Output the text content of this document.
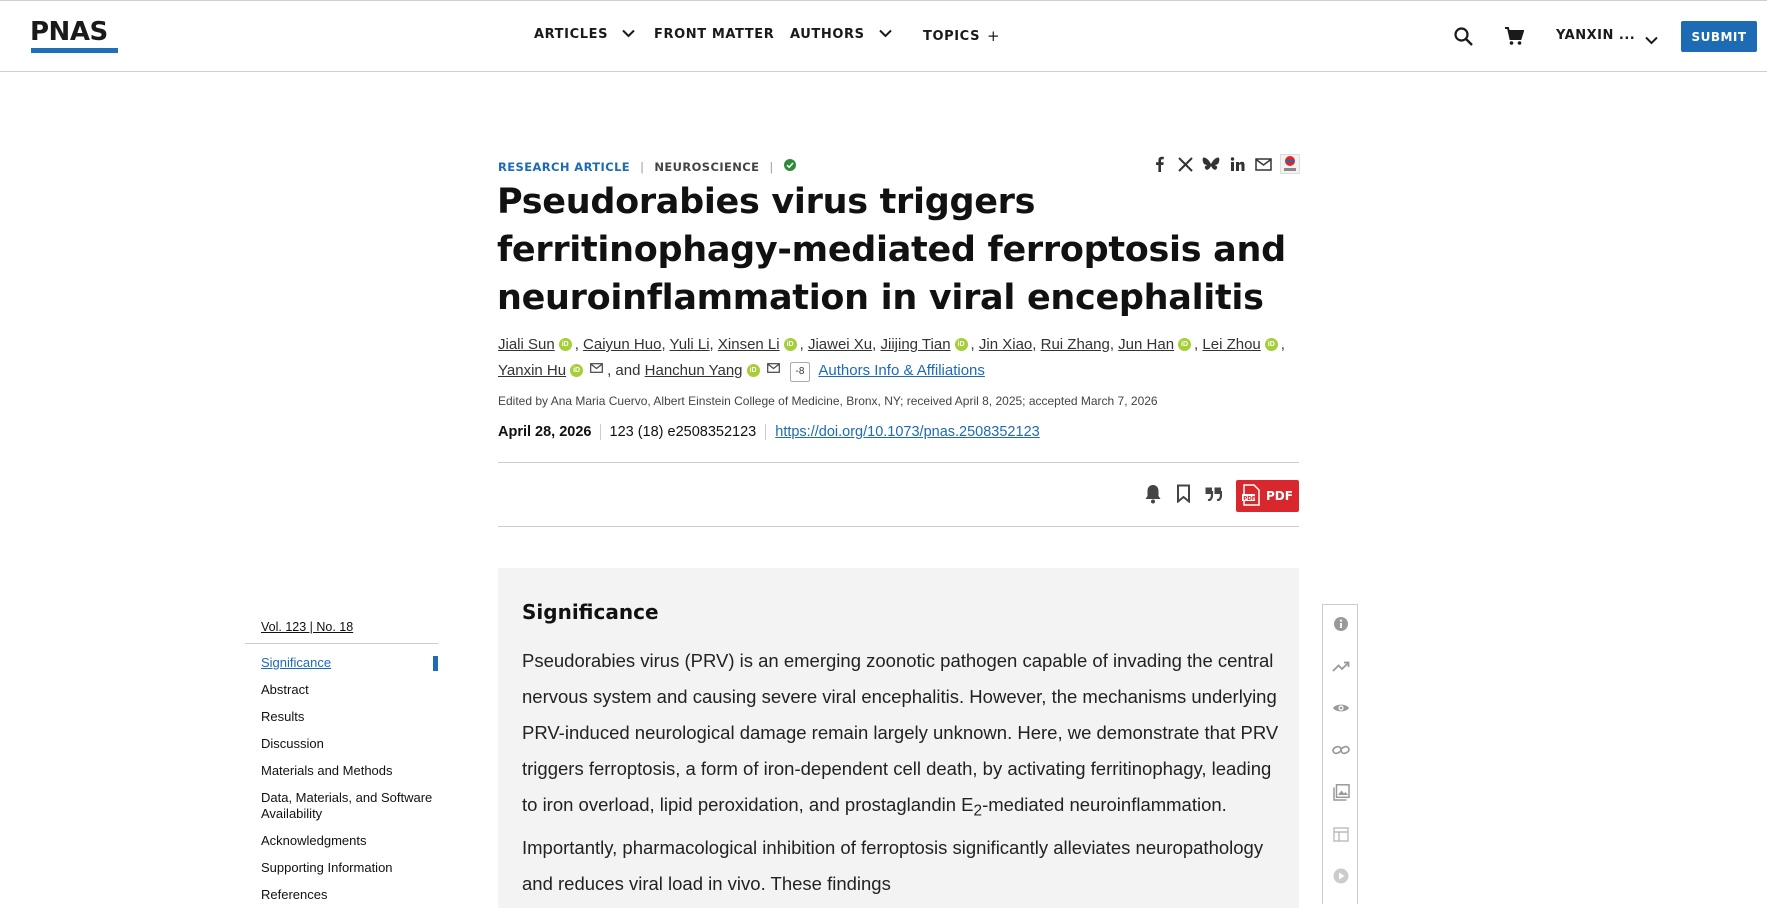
PNAS	ARTICLES	FRONT MATTER AUTHORS	TOPICS +	YANXIN ...	SUBMIT
RESEARCH ARTICLE | NEUROSCIENCE |
Pseudorabies virus triggers ferritinophagy-mediated ferroptosis and neuroinflammation in viral encephalitis
Jiali Sun iD , Caiyun Huo, Yuli Li, Xinsen Li iD , Jiawei Xu, Jiijing Tian iD , Jin Xiao, Rui Zhang, Jun Han iD , Lei Zhou iD , Yanxin Hu iD , and Hanchun Yang iD	-8 Authors Info & Affiliations
Edited by Ana Maria Cuervo, Albert Einstein College of Medicine, Bronx, NY; received April 8, 2025; accepted March 7, 2026
April 28, 2026	123 (18) e2508352123	https://doi.org/10.1073/pnas.2508352123
PDF PDF
Vol. 123 | No. 18
Significance
Abstract
Results
Discussion
Materials and Methods
Data, Materials, and Software Availability
Acknowledgments
Supporting Information
References
Significance

Pseudorabies virus (PRV) is an emerging zoonotic pathogen capable of invading the central nervous system and causing severe viral encephalitis. However, the mechanisms underlying PRV-induced neurological damage remain largely unknown. Here, we demonstrate that PRV triggers ferroptosis, a form of iron-dependent cell death, by activating ferritinophagy, leading to iron overload, lipid peroxidation, and prostaglandin $E_2$-mediated neuroinflammation. Importantly, pharmacological inhibition of ferroptosis significantly alleviates neuropathology and reduces viral load in vivo. These findings
